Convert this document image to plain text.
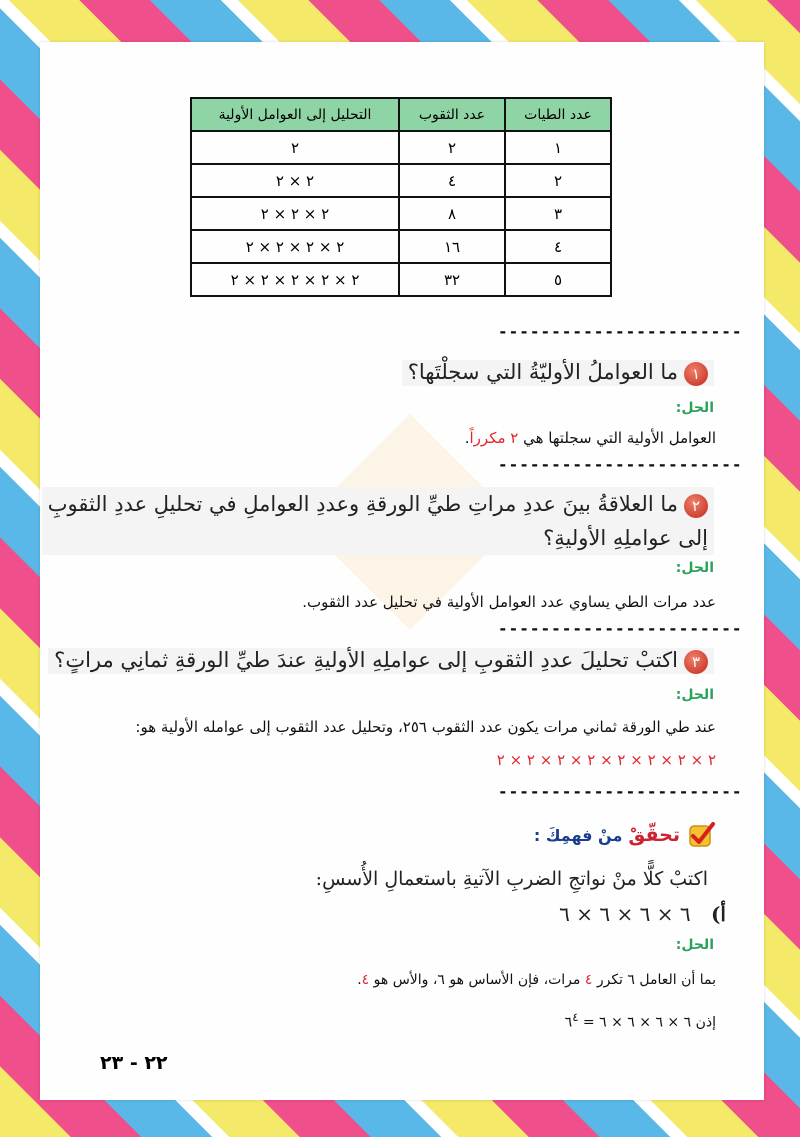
عدد الطيات	عدد الثقوب	التحليل إلى العوامل الأولية
١	٢	٢
٢	٤	٢ × ٢
٣	٨	٢ × ٢ × ٢
٤	١٦	٢ × ٢ × ٢ × ٢
٥	٣٢	٢ × ٢ × ٢ × ٢ × ٢
-----------------------
١ما العواملُ الأوليّةُ التي سجلْتَها؟
الحل:
العوامل الأولية التي سجلتها هي ٢ مكرراً.
-----------------------
٢ما العلاقةُ بينَ عددِ مراتِ طيِّ الورقةِ وعددِ العواملِ في تحليلِ عددِ الثقوبِ
إلى عواملِهِ الأوليةِ؟
الحل:
عدد مرات الطي يساوي عدد العوامل الأولية في تحليل عدد الثقوب.
-----------------------
٣اكتبْ تحليلَ عددِ الثقوبِ إلى عواملِهِ الأوليةِ عندَ طيِّ الورقةِ ثمانِي مراتٍ؟
الحل:
عند طي الورقة ثماني مرات يكون عدد الثقوب ٢٥٦، وتحليل عدد الثقوب إلى عوامله الأولية هو:
٢ × ٢ × ٢ × ٢ × ٢ × ٢ × ٢ × ٢
-----------------------
تحقّقْ
منْ فهمِكَ :
اكتبْ كلًّا منْ نواتجِ الضربِ الآتيةِ باستعمالِ الأُسسِ:
أ) ٦ × ٦ × ٦ × ٦
الحل:
بما أن العامل ٦ تكرر ٤ مرات، فإن الأساس هو ٦، والأس هو ٤.
إذن ٦ × ٦ × ٦ × ٦ = $٦^٤$
٢٢ - ٢٣
